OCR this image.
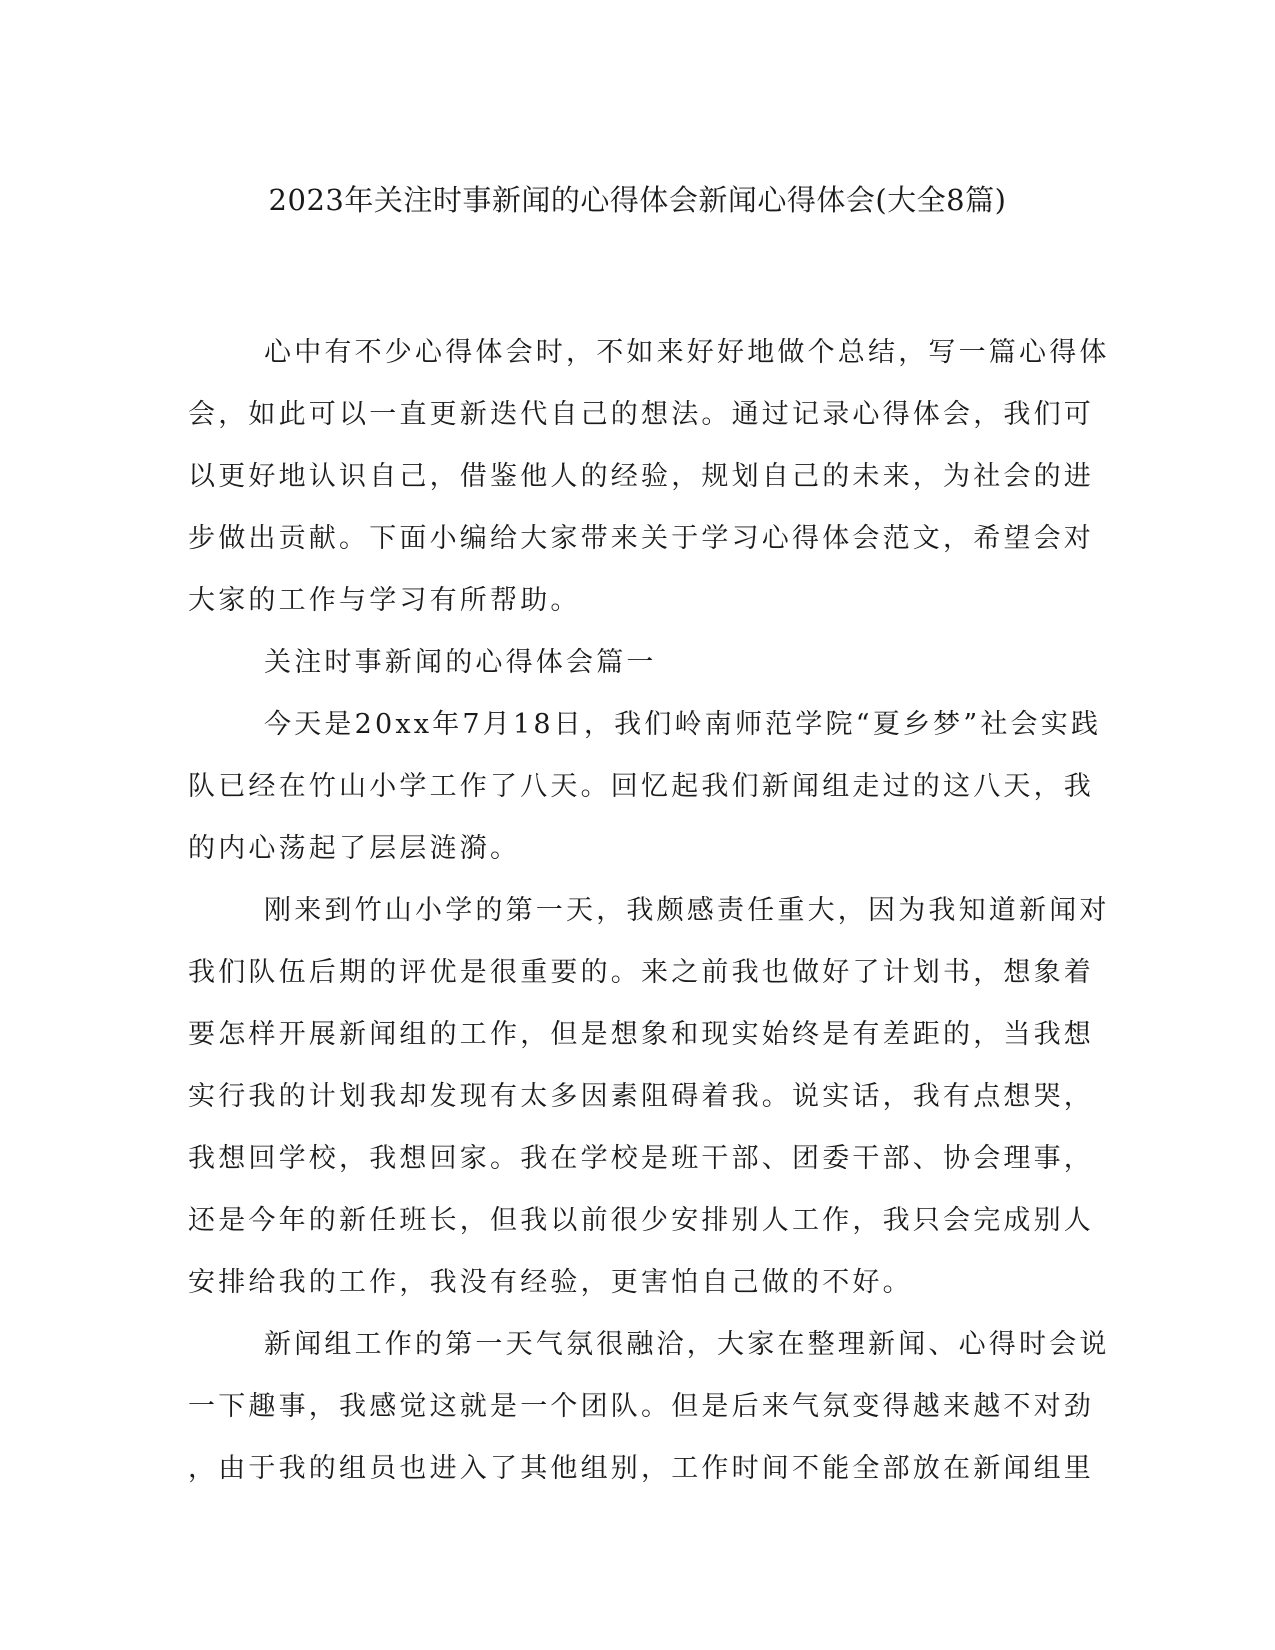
2023年关注时事新闻的心得体会新闻心得体会(大全8篇)
心中有不少心得体会时，不如来好好地做个总结，写一篇心得体
会，如此可以一直更新迭代自己的想法。通过记录心得体会，我们可
以更好地认识自己，借鉴他人的经验，规划自己的未来，为社会的进
步做出贡献。下面小编给大家带来关于学习心得体会范文，希望会对
大家的工作与学习有所帮助。
关注时事新闻的心得体会篇一
今天是20xx年7月18日，我们岭南师范学院“夏乡梦”社会实践
队已经在竹山小学工作了八天。回忆起我们新闻组走过的这八天，我
的内心荡起了层层涟漪。
刚来到竹山小学的第一天，我颇感责任重大，因为我知道新闻对
我们队伍后期的评优是很重要的。来之前我也做好了计划书，想象着
要怎样开展新闻组的工作，但是想象和现实始终是有差距的，当我想
实行我的计划我却发现有太多因素阻碍着我。说实话，我有点想哭，
我想回学校，我想回家。我在学校是班干部、团委干部、协会理事，
还是今年的新任班长，但我以前很少安排别人工作，我只会完成别人
安排给我的工作，我没有经验，更害怕自己做的不好。
新闻组工作的第一天气氛很融洽，大家在整理新闻、心得时会说
一下趣事，我感觉这就是一个团队。但是后来气氛变得越来越不对劲
，由于我的组员也进入了其他组别，工作时间不能全部放在新闻组里
